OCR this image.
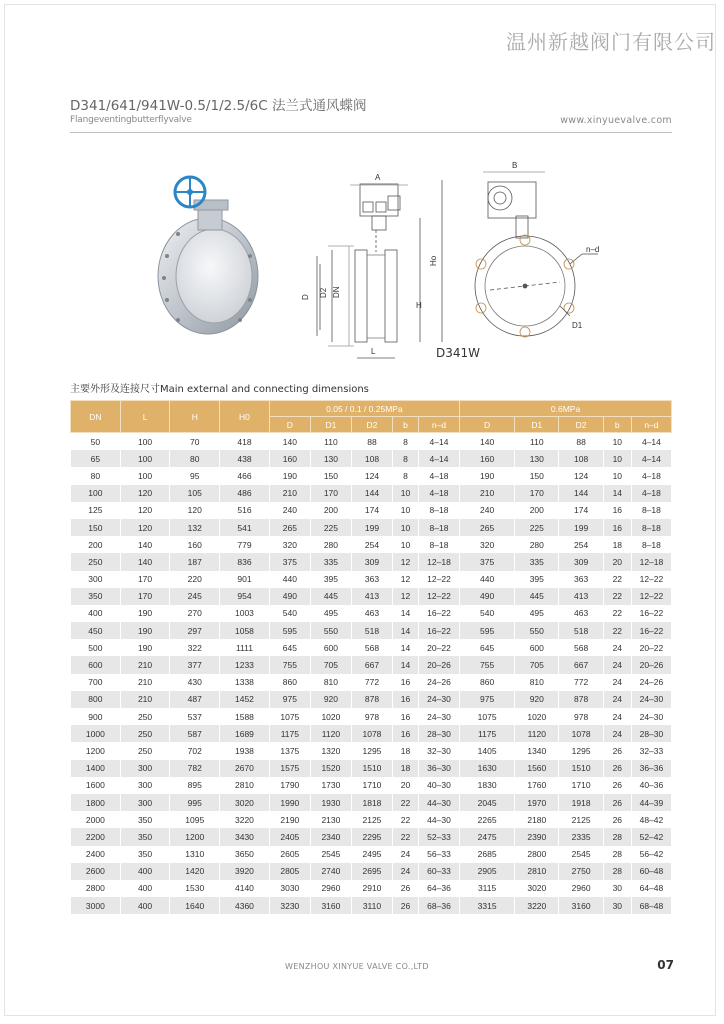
温州新越阀门有限公司
D341/641/941W-0.5/1/2.5/6C 法兰式通风蝶阀
Flangeventingbutterflyvalve	www.xinyuevalve.com
A
B
D D2 DN
H
Ho
L
n–d
D1
D341W
主要外形及连接尺寸Main external and connecting dimensions
DN	L	H	H0	0.05 / 0.1 / 0.25MPa					0.6MPa				
				D	D1	D2	b	n–d	D	D1	D2	b	n–d
50	100	70	418	140	110	88	8	4–14	140	110	88	10	4–14
65	100	80	438	160	130	108	8	4–14	160	130	108	10	4–14
80	100	95	466	190	150	124	8	4–18	190	150	124	10	4–18
100	120	105	486	210	170	144	10	4–18	210	170	144	14	4–18
125	120	120	516	240	200	174	10	8–18	240	200	174	16	8–18
150	120	132	541	265	225	199	10	8–18	265	225	199	16	8–18
200	140	160	779	320	280	254	10	8–18	320	280	254	18	8–18
250	140	187	836	375	335	309	12	12–18	375	335	309	20	12–18
300	170	220	901	440	395	363	12	12–22	440	395	363	22	12–22
350	170	245	954	490	445	413	12	12–22	490	445	413	22	12–22
400	190	270	1003	540	495	463	14	16–22	540	495	463	22	16–22
450	190	297	1058	595	550	518	14	16–22	595	550	518	22	16–22
500	190	322	1111	645	600	568	14	20–22	645	600	568	24	20–22
600	210	377	1233	755	705	667	14	20–26	755	705	667	24	20–26
700	210	430	1338	860	810	772	16	24–26	860	810	772	24	24–26
800	210	487	1452	975	920	878	16	24–30	975	920	878	24	24–30
900	250	537	1588	1075	1020	978	16	24–30	1075	1020	978	24	24–30
1000	250	587	1689	1175	1120	1078	16	28–30	1175	1120	1078	24	28–30
1200	250	702	1938	1375	1320	1295	18	32–30	1405	1340	1295	26	32–33
1400	300	782	2670	1575	1520	1510	18	36–30	1630	1560	1510	26	36–36
1600	300	895	2810	1790	1730	1710	20	40–30	1830	1760	1710	26	40–36
1800	300	995	3020	1990	1930	1818	22	44–30	2045	1970	1918	26	44–39
2000	350	1095	3220	2190	2130	2125	22	44–30	2265	2180	2125	26	48–42
2200	350	1200	3430	2405	2340	2295	22	52–33	2475	2390	2335	28	52–42
2400	350	1310	3650	2605	2545	2495	24	56–33	2685	2800	2545	28	56–42
2600	400	1420	3920	2805	2740	2695	24	60–33	2905	2810	2750	28	60–48
2800	400	1530	4140	3030	2960	2910	26	64–36	3115	3020	2960	30	64–48
3000	400	1640	4360	3230	3160	3110	26	68–36	3315	3220	3160	30	68–48
WENZHOU XINYUE VALVE CO.,LTD	07
